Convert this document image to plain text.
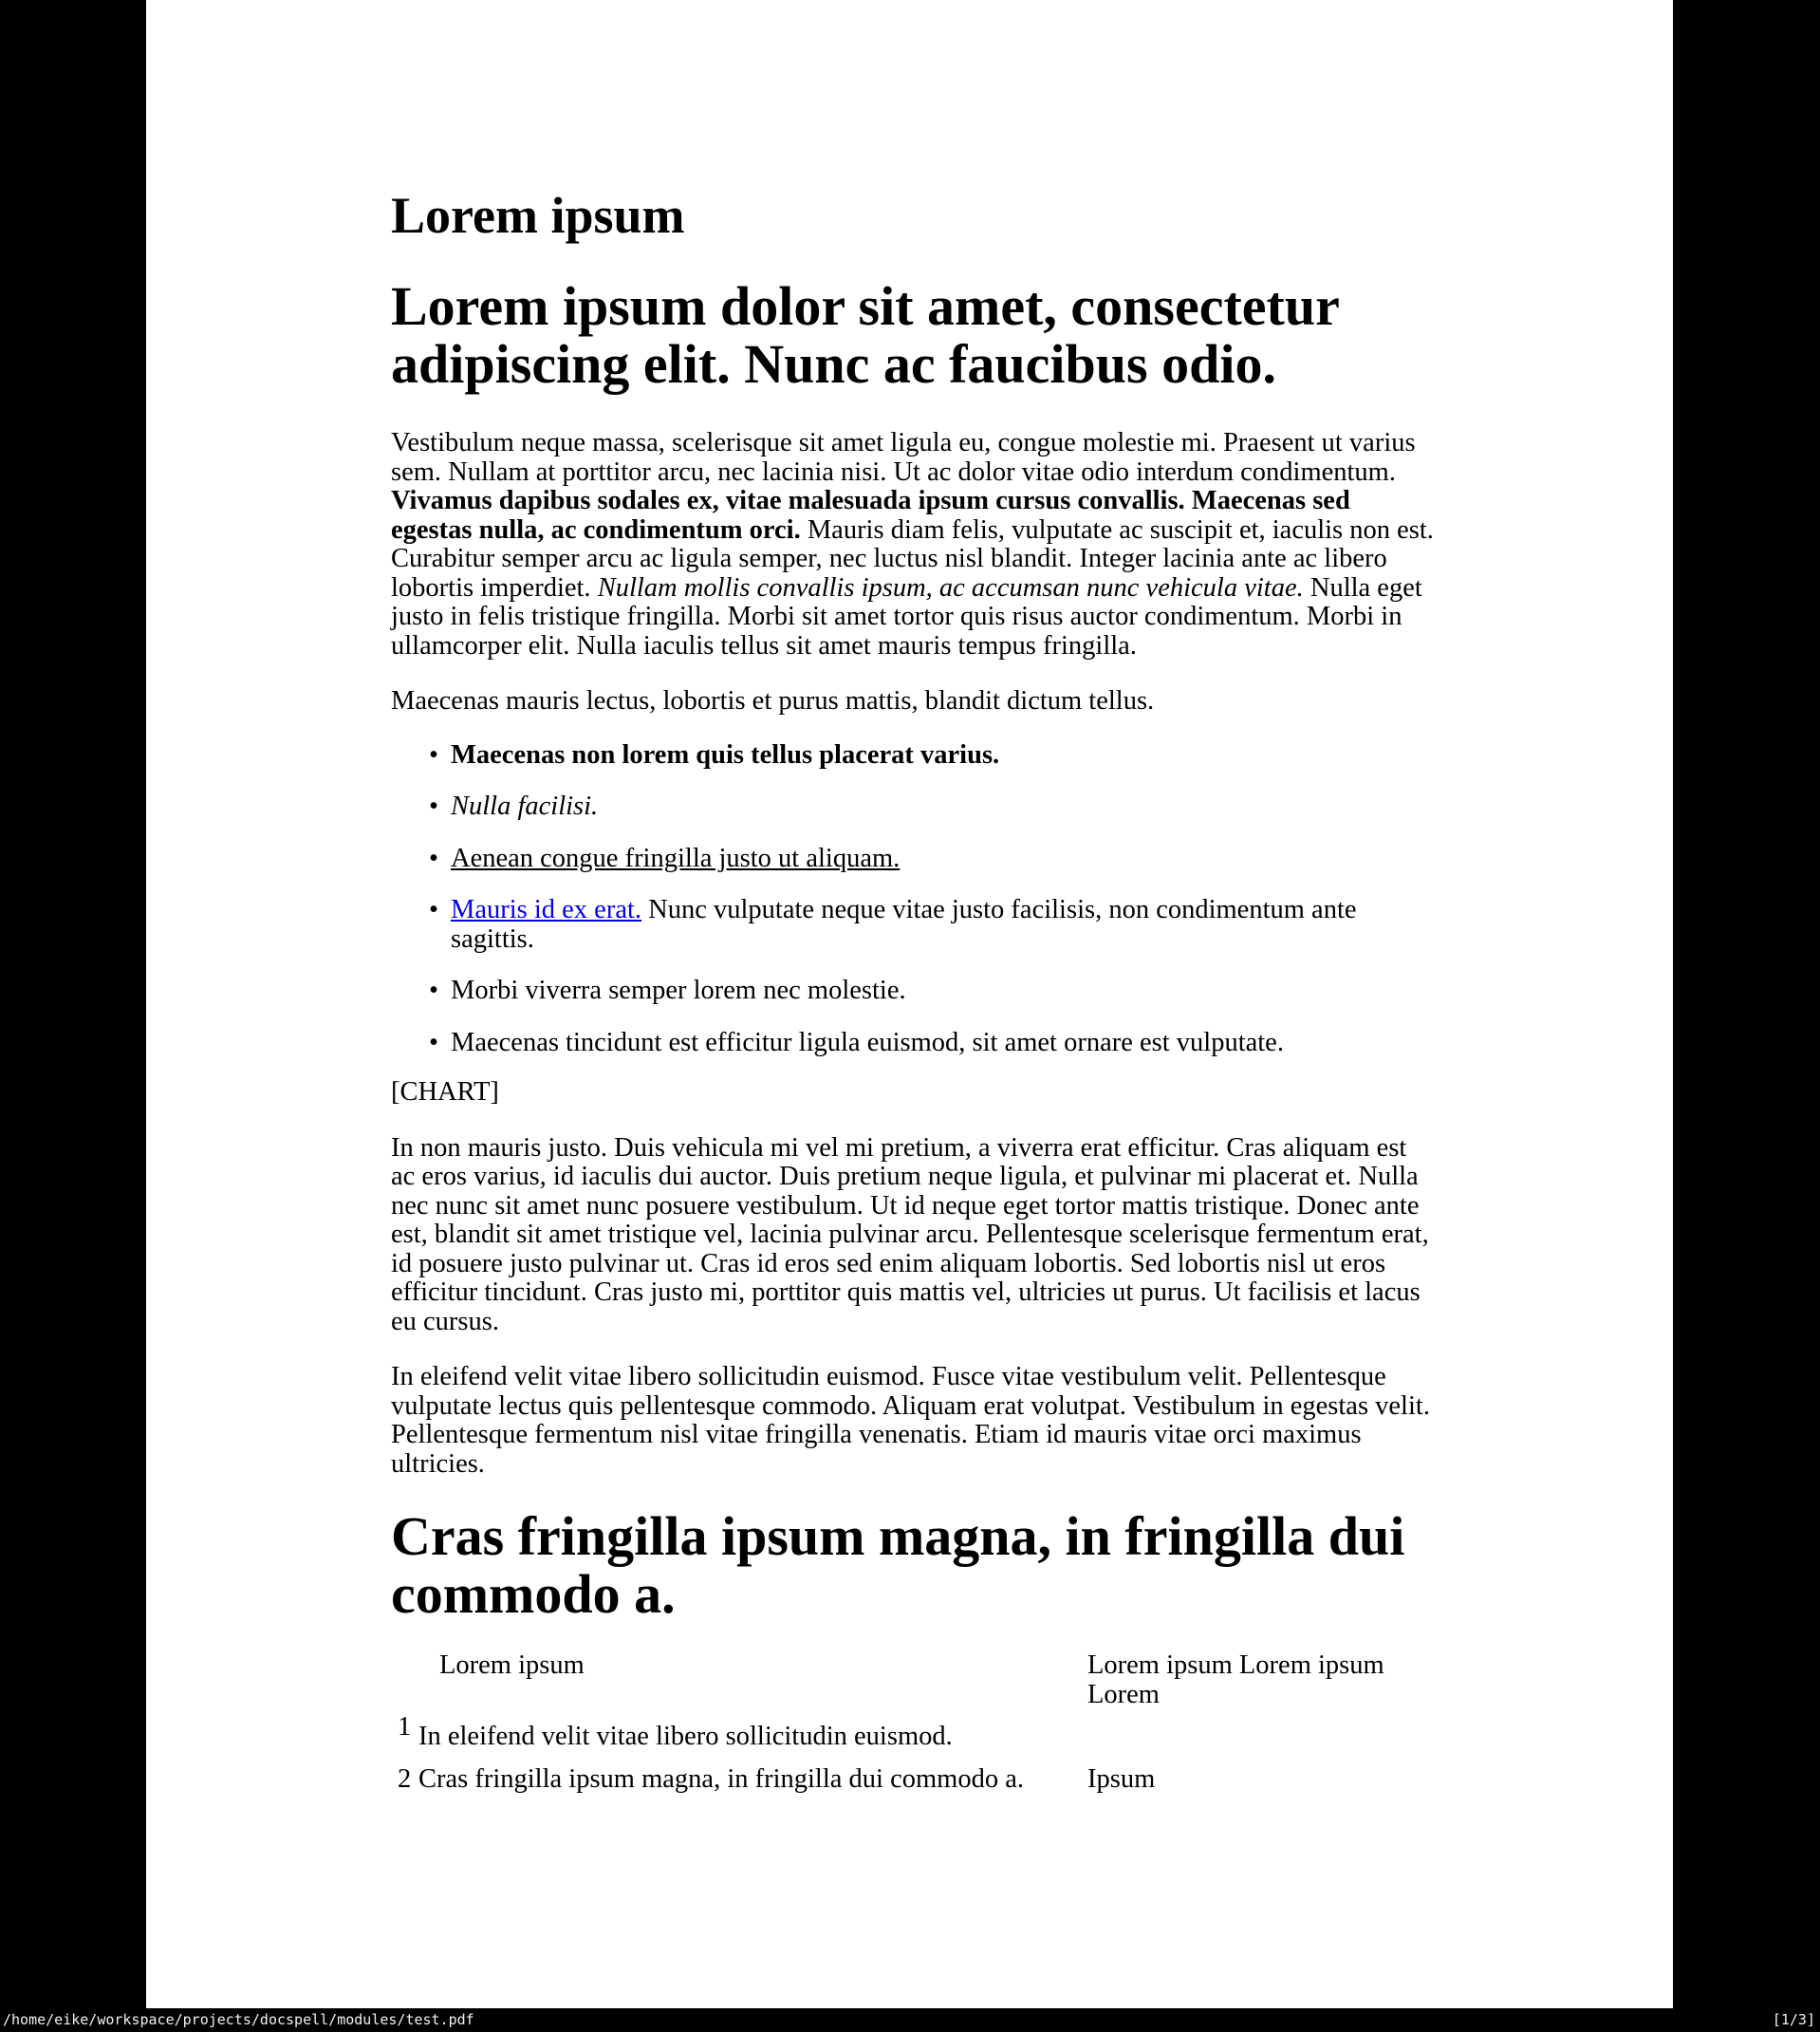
Lorem ipsum
Lorem ipsum dolor sit amet, consectetur adipiscing elit. Nunc ac faucibus odio.

Vestibulum neque massa, scelerisque sit amet ligula eu, congue molestie mi. Praesent ut varius sem. Nullam at porttitor arcu, nec lacinia nisi. Ut ac dolor vitae odio interdum condimentum. Vivamus dapibus sodales ex, vitae malesuada ipsum cursus convallis. Maecenas sed egestas nulla, ac condimentum orci. Mauris diam felis, vulputate ac suscipit et, iaculis non est. Curabitur semper arcu ac ligula semper, nec luctus nisl blandit. Integer lacinia ante ac libero lobortis imperdiet. Nullam mollis convallis ipsum, ac accumsan nunc vehicula vitae. Nulla eget justo in felis tristique fringilla. Morbi sit amet tortor quis risus auctor condimentum. Morbi in ullamcorper elit. Nulla iaculis tellus sit amet mauris tempus fringilla.

Maecenas mauris lectus, lobortis et purus mattis, blandit dictum tellus.

• Maecenas non lorem quis tellus placerat varius.
• Nulla facilisi.
• Aenean congue fringilla justo ut aliquam.
• Mauris id ex erat. Nunc vulputate neque vitae justo facilisis, non condimentum ante sagittis.
• Morbi viverra semper lorem nec molestie.
• Maecenas tincidunt est efficitur ligula euismod, sit amet ornare est vulputate.

[CHART]

In non mauris justo. Duis vehicula mi vel mi pretium, a viverra erat efficitur. Cras aliquam est ac eros varius, id iaculis dui auctor. Duis pretium neque ligula, et pulvinar mi placerat et. Nulla nec nunc sit amet nunc posuere vestibulum. Ut id neque eget tortor mattis tristique. Donec ante est, blandit sit amet tristique vel, lacinia pulvinar arcu. Pellentesque scelerisque fermentum erat, id posuere justo pulvinar ut. Cras id eros sed enim aliquam lobortis. Sed lobortis nisl ut eros efficitur tincidunt. Cras justo mi, porttitor quis mattis vel, ultricies ut purus. Ut facilisis et lacus eu cursus.

In eleifend velit vitae libero sollicitudin euismod. Fusce vitae vestibulum velit. Pellentesque vulputate lectus quis pellentesque commodo. Aliquam erat volutpat. Vestibulum in egestas velit. Pellentesque fermentum nisl vitae fringilla venenatis. Etiam id mauris vitae orci maximus ultricies.

Cras fringilla ipsum magna, in fringilla dui commodo a.
Lorem ipsum	Lorem ipsum Lorem ipsum Lorem
1 In eleifend velit vitae libero sollicitudin euismod.
2 Cras fringilla ipsum magna, in fringilla dui commodo a.	Ipsum
/home/eike/workspace/projects/docspell/modules/test.pdf	[1/3]
